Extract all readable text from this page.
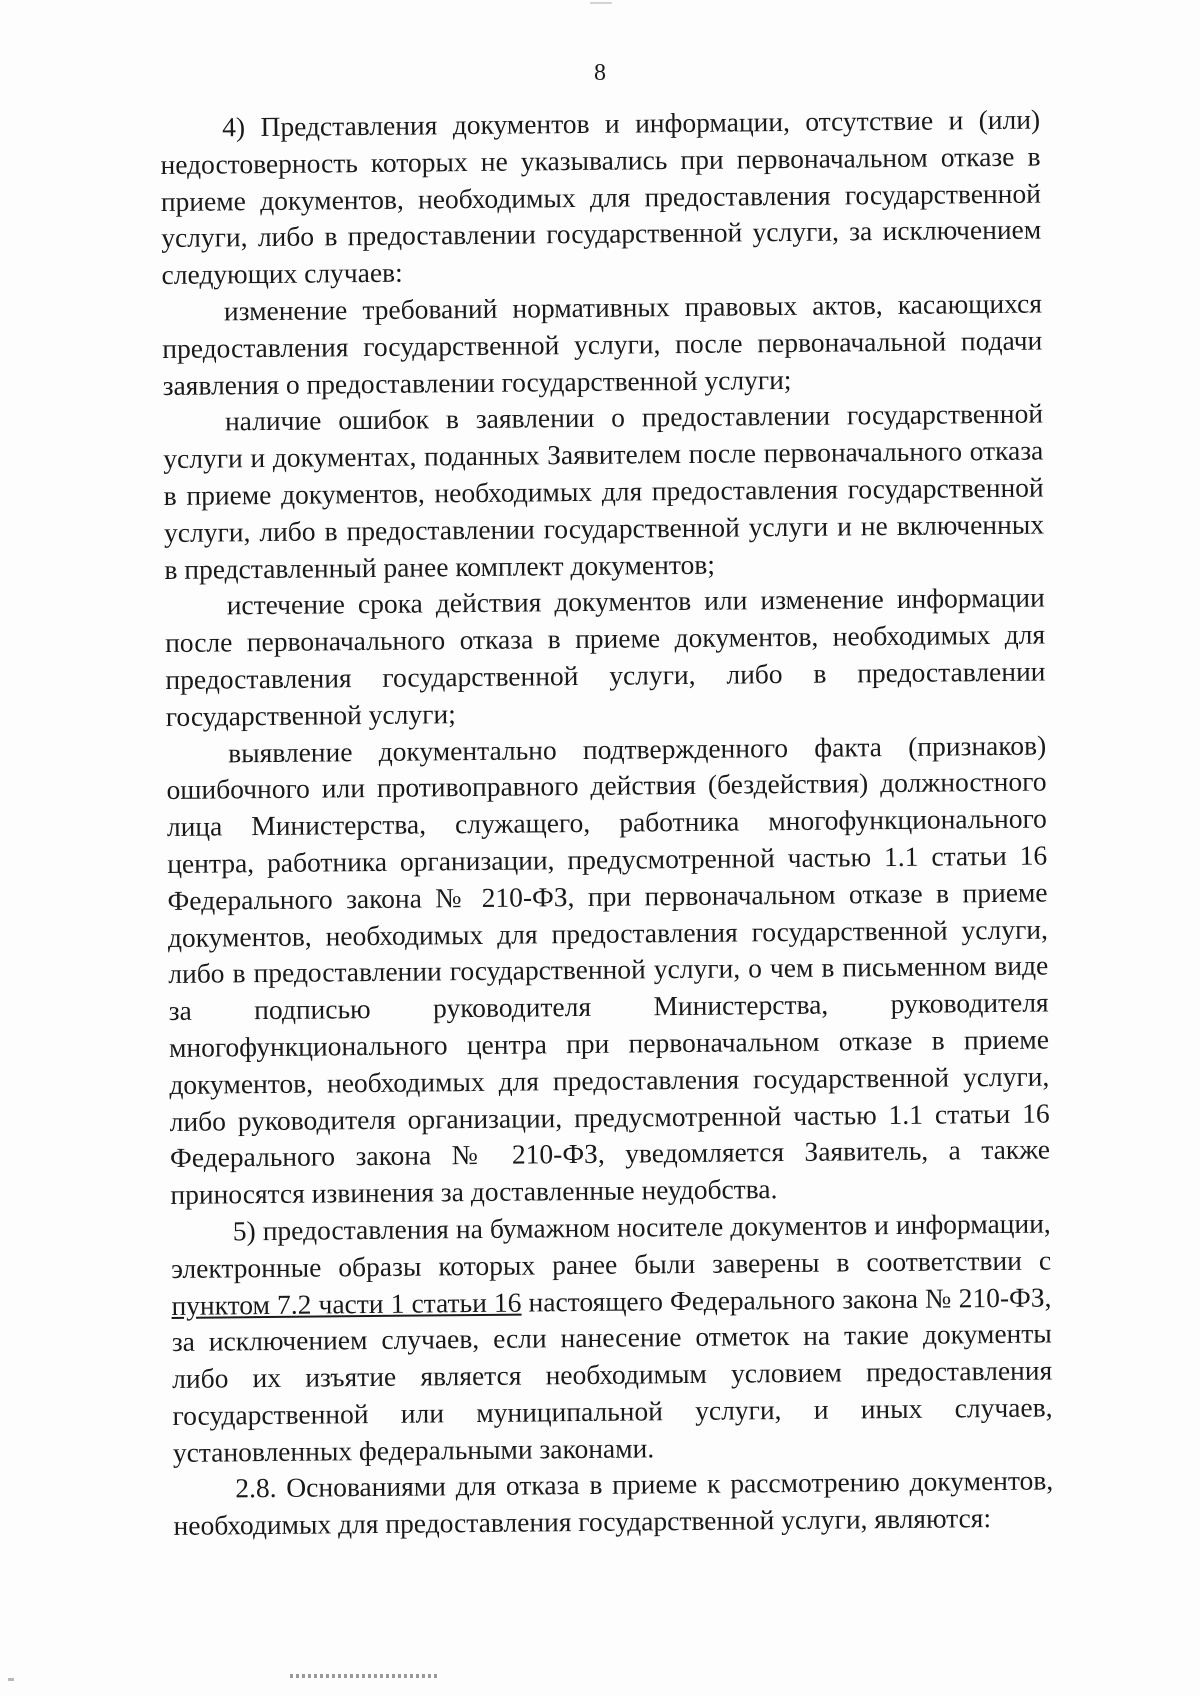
8

4) Представления документов и информации, отсутствие и (или) недостоверность которых не указывались при первоначальном отказе в приеме документов, необходимых для предоставления государственной услуги, либо в предоставлении государственной услуги, за исключением следующих случаев:

изменение требований нормативных правовых актов, касающихся предоставления государственной услуги, после первоначальной подачи заявления о предоставлении государственной услуги;

наличие ошибок в заявлении о предоставлении государственной услуги и документах, поданных Заявителем после первоначального отказа в приеме документов, необходимых для предоставления государственной услуги, либо в предоставлении государственной услуги и не включенных в представленный ранее комплект документов;

истечение срока действия документов или изменение информации после первоначального отказа в приеме документов, необходимых для предоставления государственной услуги, либо в предоставлении государственной услуги;

выявление документально подтвержденного факта (признаков) ошибочного или противоправного действия (бездействия) должностного лица Министерства, служащего, работника многофункционального центра, работника организации, предусмотренной частью 1.1 статьи 16 Федерального закона № 210-ФЗ, при первоначальном отказе в приеме документов, необходимых для предоставления государственной услуги, либо в предоставлении государственной услуги, о чем в письменном виде за подписью руководителя Министерства, руководителя многофункционального центра при первоначальном отказе в приеме документов, необходимых для предоставления государственной услуги, либо руководителя организации, предусмотренной частью 1.1 статьи 16 Федерального закона № 210-ФЗ, уведомляется Заявитель, а также приносятся извинения за доставленные неудобства.

5) предоставления на бумажном носителе документов и информации, электронные образы которых ранее были заверены в соответствии с пунктом 7.2 части 1 статьи 16 настоящего Федерального закона № 210-ФЗ, за исключением случаев, если нанесение отметок на такие документы либо их изъятие является необходимым условием предоставления государственной или муниципальной услуги, и иных случаев, установленных федеральными законами.

2.8. Основаниями для отказа в приеме к рассмотрению документов, необходимых для предоставления государственной услуги, являются:
